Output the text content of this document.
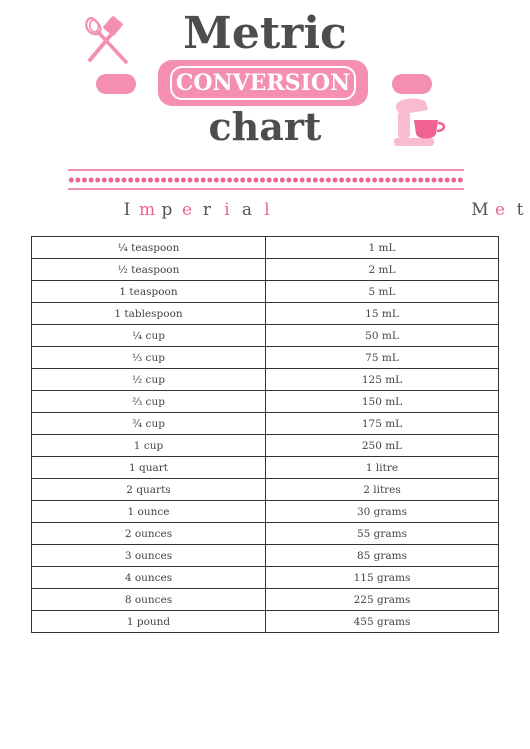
Metric
CONVERSION
chart
I m p e r i a l	M e t
¼ teaspoon	1 mL
½ teaspoon	2 mL
1 teaspoon	5 mL
1 tablespoon	15 mL
¼ cup	50 mL
⅓ cup	75 mL
½ cup	125 mL
⅔ cup	150 mL
¾ cup	175 mL
1 cup	250 mL
1 quart	1 litre
2 quarts	2 litres
1 ounce	30 grams
2 ounces	55 grams
3 ounces	85 grams
4 ounces	115 grams
8 ounces	225 grams
1 pound	455 grams
